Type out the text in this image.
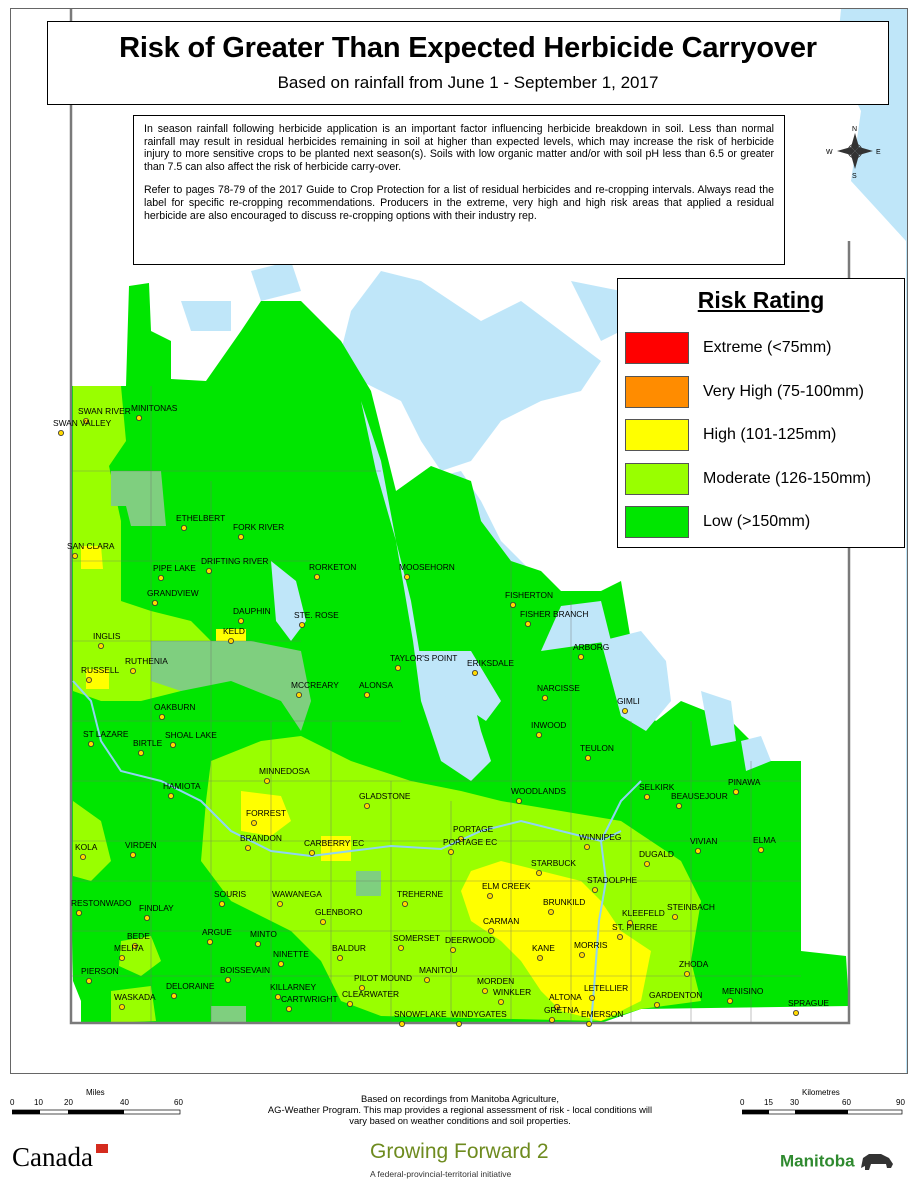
SWAN RIVER MINITONAS
SWAN VALLEY
ETHELBERT
FORK RIVER
SAN CLARA
DRIFTING RIVER
PIPE LAKE	RORKETON	MOOSEHORN
GRANDVIEW	FISHERTON
DAUPHIN	STE. ROSE	FISHER BRANCH
KELD
INGLIS
ARBORG
TAYLOR'S POINT ERIKSDALE
RUTHENIA
RUSSELL
MCCREARY ALONSA	NARCISSE
GIMLI
OAKBURN
INWOOD
ST LAZARE	SHOAL LAKE
BIRTLE	TEULON
MINNEDOSA
PINAWA
HAMIOTA	SELKIRK
WOODLANDS	BEAUSEJOUR
GLADSTONE
FORREST
PORTAGE
BRANDON	WINNIPEG	ELMA
VIVIAN
CARBERRY EC	PORTAGE EC
KOLA	VIRDEN
DUGALD
STARBUCK
STADOLPHE
ELM CREEK
SOURIS	WAWANEGA	TREHERNE
BRUNKILD
RESTONWADO	STEINBACH
FINDLAY	GLENBORO	KLEEFELD
CARMAN
ST. PIERRE
ARGUE MINTO
BEDE	SOMERSET DEERWOOD	MORRIS
KANE
MELITA	BALDUR
NINETTE
ZHODA
PIERSON	BOISSEVAIN	MANITOU
PILOT MOUND	MORDEN
DELORAINE	KILLARNEY	LETELLIER	MENISINO
WINKLER
CLEARWATER	GARDENTON
WASKADA	CARTWRIGHT	ALTONA
SPRAGUE
GRETNA EMERSON
SNOWFLAKE WINDYGATES
N
S
E
W
Risk of Greater Than Expected Herbicide Carryover
Based on rainfall from June 1 - September 1, 2017

In season rainfall following herbicide application is an important factor influencing herbicide breakdown in soil. Less than normal rainfall may result in residual herbicides remaining in soil at higher than expected levels, which may increase the risk of herbicide injury to more sensitive crops to be planted next season(s). Soils with low organic matter and/or with soil pH less than 6.5 or greater than 7.5 can also affect the risk of herbicide carry-over.

Refer to pages 78-79 of the 2017 Guide to Crop Protection for a list of residual herbicides and re-cropping intervals. Always read the label for specific re-cropping recommendations. Producers in the extreme, very high and high risk areas that applied a residual herbicide are also encouraged to discuss re-cropping options with their industry rep.

Risk Rating
Extreme (<75mm)
Very High (75-100mm)
High (101-125mm)
Moderate (126-150mm)
Low (>150mm)
Miles
0 10	20	40	60
Kilometres
0 15 30	60	90
Based on recordings from Manitoba Agriculture,
AG-Weather Program. This map provides a regional assessment of risk - local conditions will
vary based on weather conditions and soil properties.
Canada	Growing Forward 2
A federal-provincial-territorial initiative
Manitoba
